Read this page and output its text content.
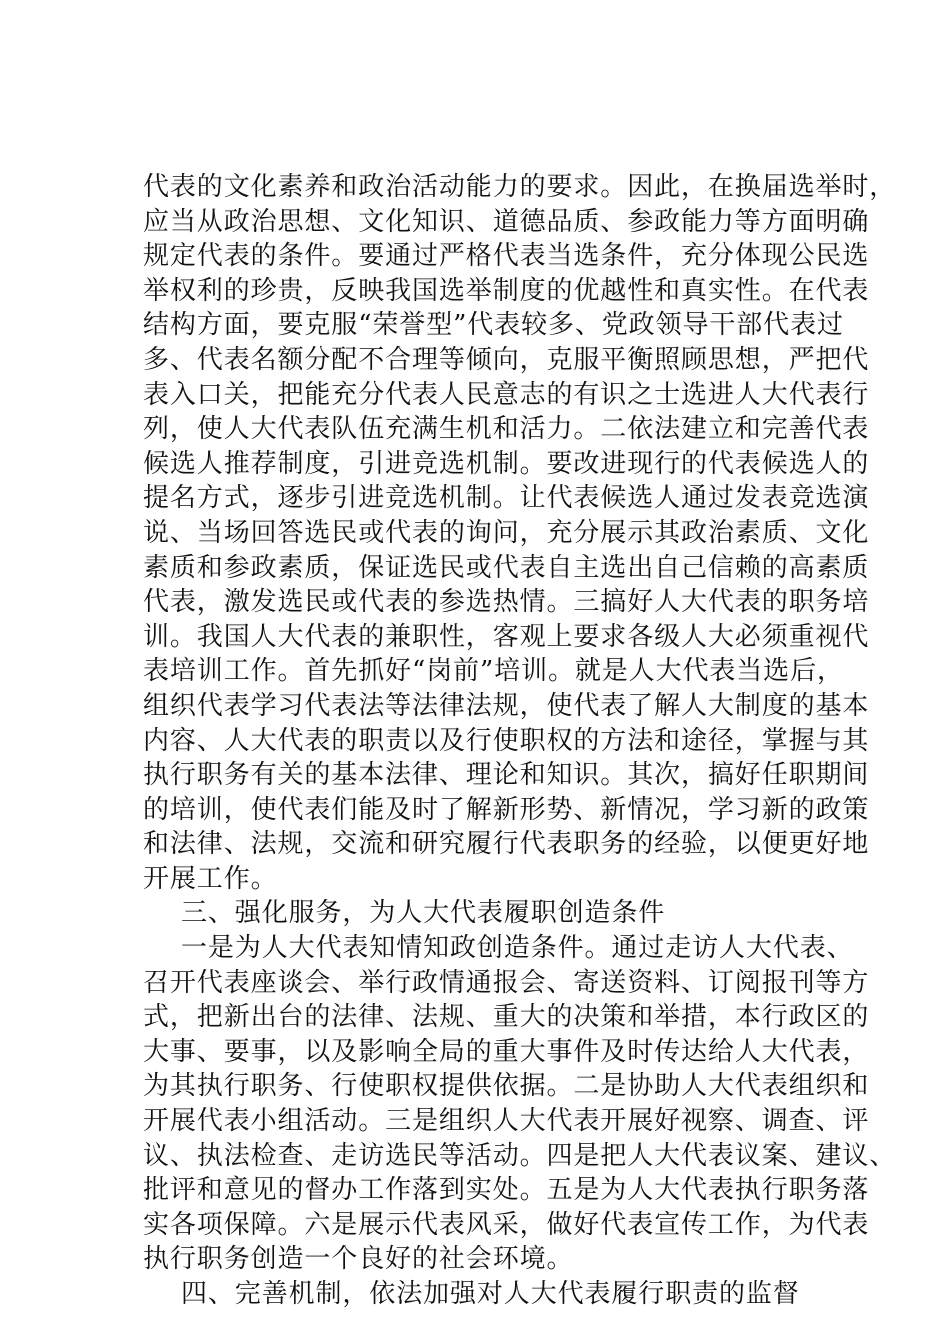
代表的文化素养和政治活动能力的要求。因此，在换届选举时，
应当从政治思想、文化知识、道德品质、参政能力等方面明确
规定代表的条件。要通过严格代表当选条件，充分体现公民选
举权利的珍贵，反映我国选举制度的优越性和真实性。在代表
结构方面，要克服“荣誉型”代表较多、党政领导干部代表过
多、代表名额分配不合理等倾向，克服平衡照顾思想，严把代
表入口关，把能充分代表人民意志的有识之士选进人大代表行
列，使人大代表队伍充满生机和活力。二依法建立和完善代表
候选人推荐制度，引进竞选机制。要改进现行的代表候选人的
提名方式，逐步引进竞选机制。让代表候选人通过发表竞选演
说、当场回答选民或代表的询问，充分展示其政治素质、文化
素质和参政素质，保证选民或代表自主选出自己信赖的高素质
代表，激发选民或代表的参选热情。三搞好人大代表的职务培
训。我国人大代表的兼职性，客观上要求各级人大必须重视代
表培训工作。首先抓好“岗前”培训。就是人大代表当选后，
组织代表学习代表法等法律法规，使代表了解人大制度的基本
内容、人大代表的职责以及行使职权的方法和途径，掌握与其
执行职务有关的基本法律、理论和知识。其次，搞好任职期间
的培训，使代表们能及时了解新形势、新情况，学习新的政策
和法律、法规，交流和研究履行代表职务的经验，以便更好地
开展工作。
三、强化服务，为人大代表履职创造条件
一是为人大代表知情知政创造条件。通过走访人大代表、
召开代表座谈会、举行政情通报会、寄送资料、订阅报刊等方
式，把新出台的法律、法规、重大的决策和举措，本行政区的
大事、要事，以及影响全局的重大事件及时传达给人大代表，
为其执行职务、行使职权提供依据。二是协助人大代表组织和
开展代表小组活动。三是组织人大代表开展好视察、调查、评
议、执法检查、走访选民等活动。四是把人大代表议案、建议、
批评和意见的督办工作落到实处。五是为人大代表执行职务落
实各项保障。六是展示代表风采，做好代表宣传工作，为代表
执行职务创造一个良好的社会环境。
四、完善机制，依法加强对人大代表履行职责的监督
